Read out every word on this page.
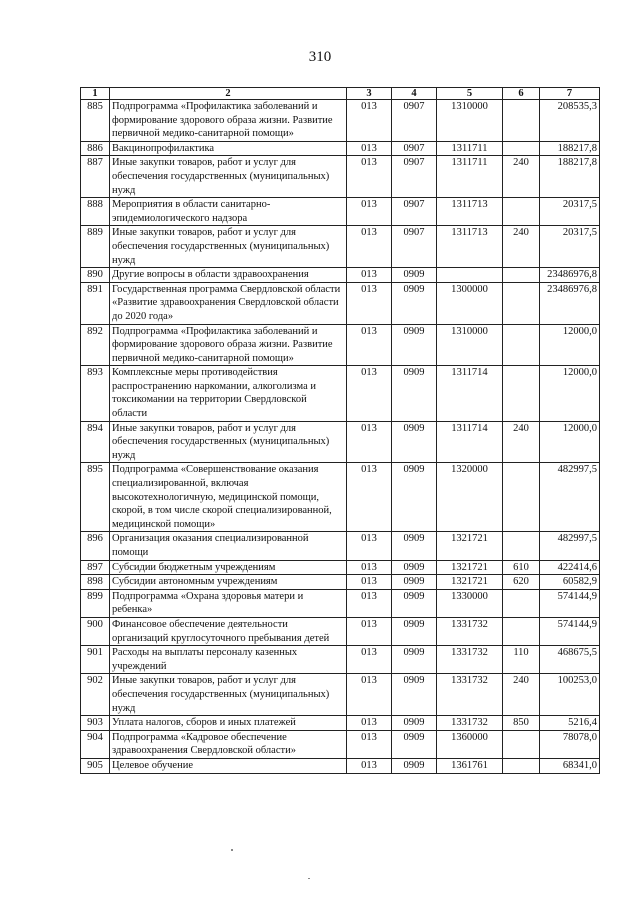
310
1	2	3	4	5	6	7
885	Подпрограмма «Профилактика заболеваний и формирование здорового образа жизни. Развитие первичной медико-санитарной помощи»	013	0907	1310000		208535,3
886	Вакцинопрофилактика	013	0907	1311711		188217,8
887	Иные закупки товаров, работ и услуг для обеспечения государственных (муниципальных) нужд	013	0907	1311711	240	188217,8
888	Мероприятия в области санитарно-эпидемиологического надзора	013	0907	1311713		20317,5
889	Иные закупки товаров, работ и услуг для обеспечения государственных (муниципальных) нужд	013	0907	1311713	240	20317,5
890	Другие вопросы в области здравоохранения	013	0909			23486976,8
891	Государственная программа Свердловской области «Развитие здравоохранения Свердловской области до 2020 года»	013	0909	1300000		23486976,8
892	Подпрограмма «Профилактика заболеваний и формирование здорового образа жизни. Развитие первичной медико-санитарной помощи»	013	0909	1310000		12000,0
893	Комплексные меры противодействия распространению наркомании, алкоголизма и токсикомании на территории Свердловской области	013	0909	1311714		12000,0
894	Иные закупки товаров, работ и услуг для обеспечения государственных (муниципальных) нужд	013	0909	1311714	240	12000,0
895	Подпрограмма «Совершенствование оказания специализированной, включая высокотехнологичную, медицинской помощи, скорой, в том числе скорой специализированной, медицинской помощи»	013	0909	1320000		482997,5
896	Организация оказания специализированной помощи	013	0909	1321721		482997,5
897	Субсидии бюджетным учреждениям	013	0909	1321721	610	422414,6
898	Субсидии автономным учреждениям	013	0909	1321721	620	60582,9
899	Подпрограмма «Охрана здоровья матери и ребенка»	013	0909	1330000		574144,9
900	Финансовое обеспечение деятельности организаций круглосуточного пребывания детей	013	0909	1331732		574144,9
901	Расходы на выплаты персоналу казенных учреждений	013	0909	1331732	110	468675,5
902	Иные закупки товаров, работ и услуг для обеспечения государственных (муниципальных) нужд	013	0909	1331732	240	100253,0
903	Уплата налогов, сборов и иных платежей	013	0909	1331732	850	5216,4
904	Подпрограмма «Кадровое обеспечение здравоохранения Свердловской области»	013	0909	1360000		78078,0
905	Целевое обучение	013	0909	1361761		68341,0
